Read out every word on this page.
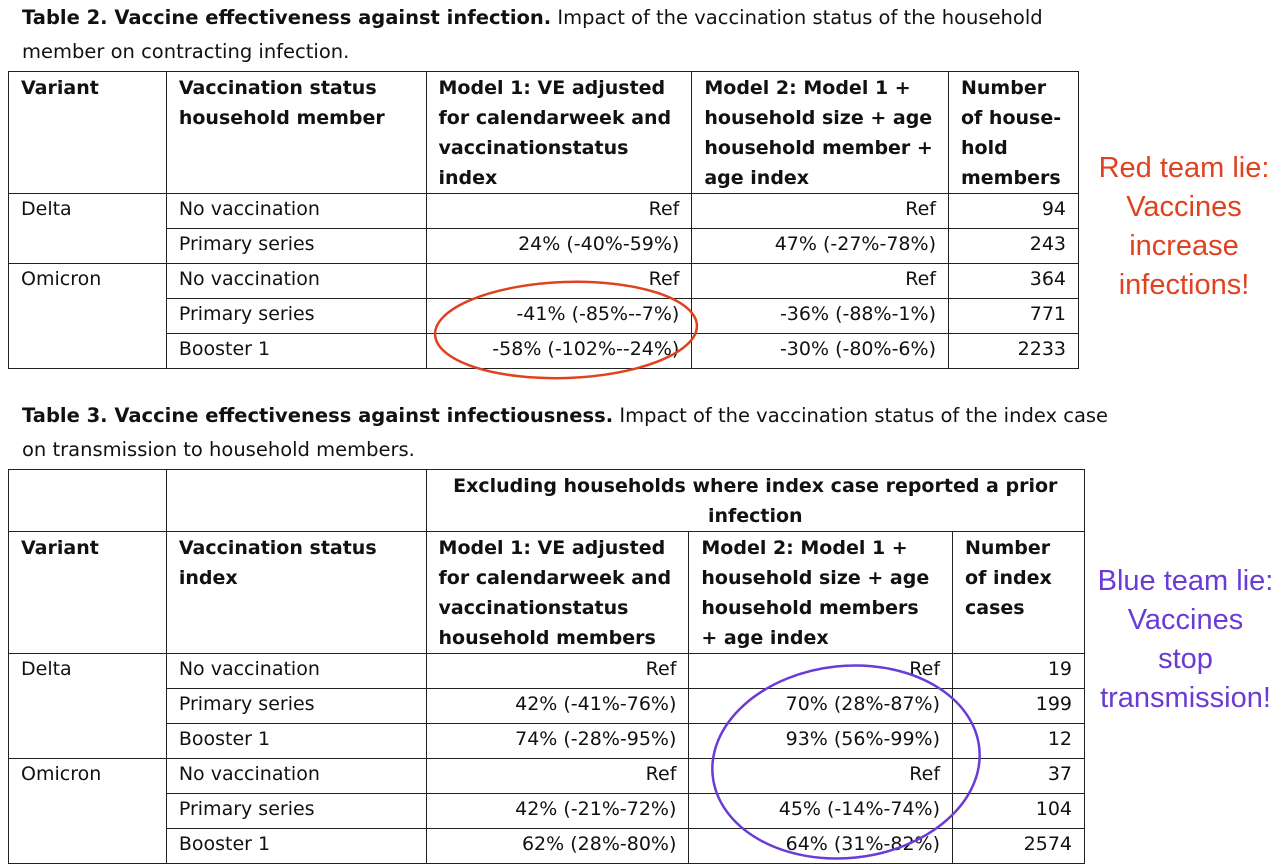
Table 2. Vaccine effectiveness against infection. Impact of the vaccination status of the household member on contracting infection.
Variant	Vaccination status household member	Model 1: VE adjusted for calendarweek and vaccinationstatus index	Model 2: Model 1 + household size + age household member + age index	Number of house-hold members
Delta	No vaccination	Ref	Ref	94
	Primary series	24% (-40%-59%)	47% (-27%-78%)	243
Omicron	No vaccination	Ref	Ref	364
	Primary series	-41% (-85%--7%)	-36% (-88%-1%)	771
	Booster 1	-58% (-102%--24%)	-30% (-80%-6%)	2233
Table 3. Vaccine effectiveness against infectiousness. Impact of the vaccination status of the index case on transmission to household members.
		Excluding households where index case reported a prior infection		
Variant	Vaccination status index	Model 1: VE adjusted for calendarweek and vaccinationstatus household members	Model 2: Model 1 + household size + age household members + age index	Number of index cases
Delta	No vaccination	Ref	Ref	19
	Primary series	42% (-41%-76%)	70% (28%-87%)	199
	Booster 1	74% (-28%-95%)	93% (56%-99%)	12
Omicron	No vaccination	Ref	Ref	37
	Primary series	42% (-21%-72%)	45% (-14%-74%)	104
	Booster 1	62% (28%-80%)	64% (31%-82%)	2574
Red team lie:
Vaccines
increase
infections!
Blue team lie:
Vaccines
stop
transmission!
